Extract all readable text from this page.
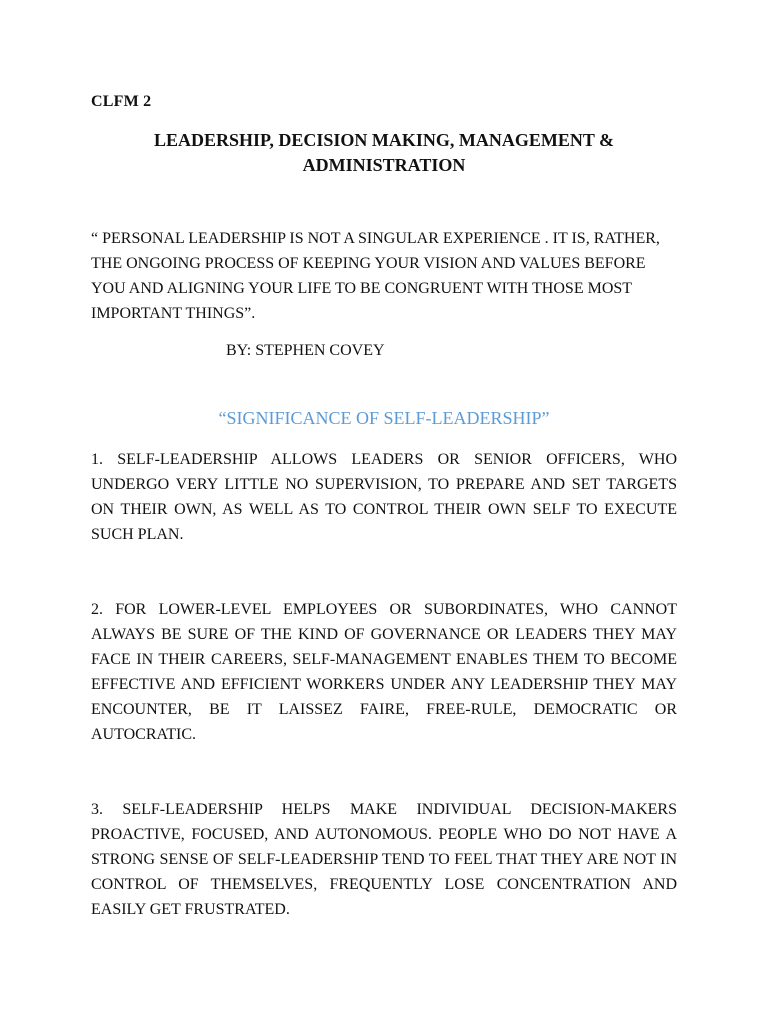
CLFM 2
LEADERSHIP, DECISION MAKING, MANAGEMENT &
ADMINISTRATION
“ PERSONAL LEADERSHIP IS NOT A SINGULAR EXPERIENCE . IT IS, RATHER, THE ONGOING PROCESS OF KEEPING YOUR VISION AND VALUES BEFORE YOU AND ALIGNING YOUR LIFE TO BE CONGRUENT WITH THOSE MOST IMPORTANT THINGS”.
BY: STEPHEN COVEY
“SIGNIFICANCE OF SELF-LEADERSHIP”
1. SELF-LEADERSHIP ALLOWS LEADERS OR SENIOR OFFICERS, WHO UNDERGO VERY LITTLE NO SUPERVISION, TO PREPARE AND SET TARGETS ON THEIR OWN, AS WELL AS TO CONTROL THEIR OWN SELF TO EXECUTE SUCH PLAN.
2. FOR LOWER-LEVEL EMPLOYEES OR SUBORDINATES, WHO CANNOT ALWAYS BE SURE OF THE KIND OF GOVERNANCE OR LEADERS THEY MAY FACE IN THEIR CAREERS, SELF-MANAGEMENT ENABLES THEM TO BECOME EFFECTIVE AND EFFICIENT WORKERS UNDER ANY LEADERSHIP THEY MAY ENCOUNTER, BE IT LAISSEZ FAIRE, FREE-RULE, DEMOCRATIC OR AUTOCRATIC.
3. SELF-LEADERSHIP HELPS MAKE INDIVIDUAL DECISION-MAKERS PROACTIVE, FOCUSED, AND AUTONOMOUS. PEOPLE WHO DO NOT HAVE A STRONG SENSE OF SELF-LEADERSHIP TEND TO FEEL THAT THEY ARE NOT IN CONTROL OF THEMSELVES, FREQUENTLY LOSE CONCENTRATION AND EASILY GET FRUSTRATED.
